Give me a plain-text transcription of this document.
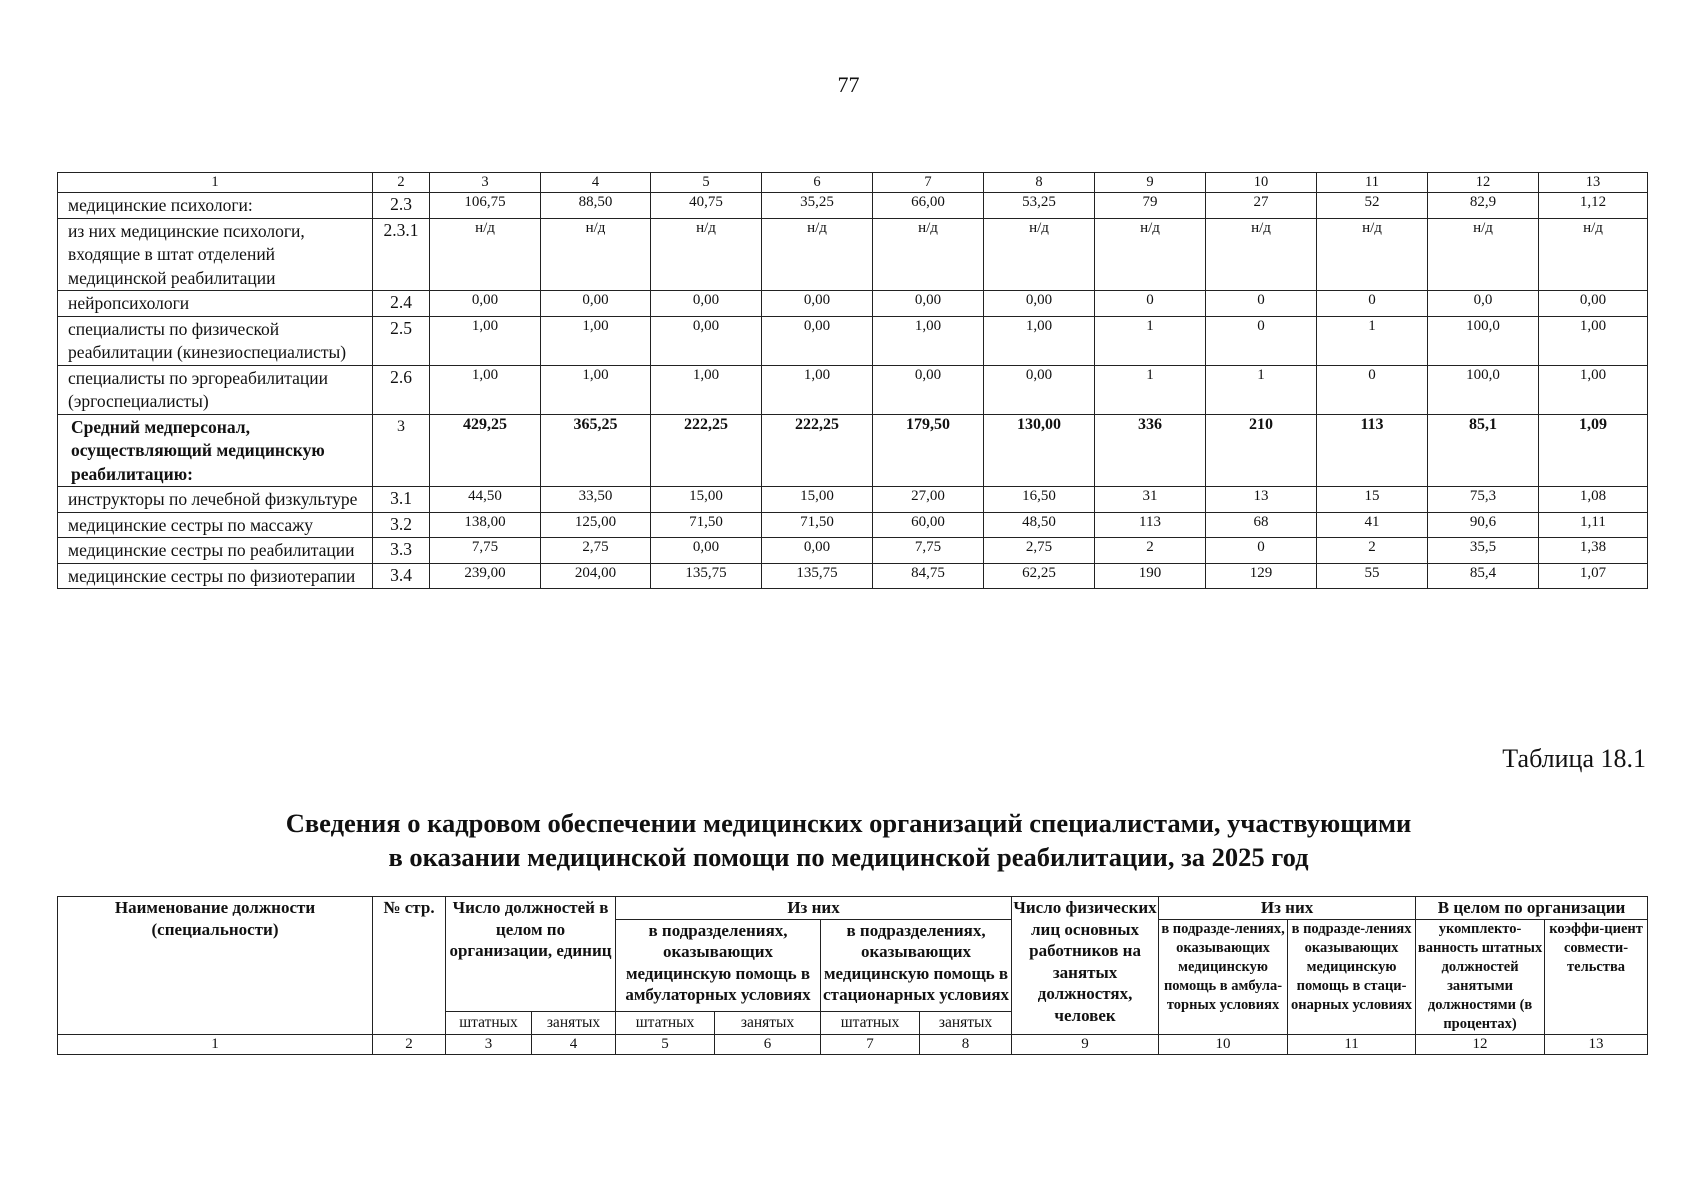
77
1	2	3	4	5	6	7	8	9	10	11	12	13
медицинские психологи:	2.3	106,75	88,50	40,75	35,25	66,00	53,25	79	27	52	82,9	1,12
из них медицинские психологи, входящие в штат отделений медицинской реабилитации	2.3.1	н/д	н/д	н/д	н/д	н/д	н/д	н/д	н/д	н/д	н/д	н/д
нейропсихологи	2.4	0,00	0,00	0,00	0,00	0,00	0,00	0	0	0	0,0	0,00
специалисты по физической реабилитации (кинезиоспециалисты)	2.5	1,00	1,00	0,00	0,00	1,00	1,00	1	0	1	100,0	1,00
специалисты по эргореабилитации (эргоспециалисты)	2.6	1,00	1,00	1,00	1,00	0,00	0,00	1	1	0	100,0	1,00
Средний медперсонал, осуществляющий медицинскую реабилитацию:	3	429,25	365,25	222,25	222,25	179,50	130,00	336	210	113	85,1	1,09
инструкторы по лечебной физкультуре	3.1	44,50	33,50	15,00	15,00	27,00	16,50	31	13	15	75,3	1,08
медицинские сестры по массажу	3.2	138,00	125,00	71,50	71,50	60,00	48,50	113	68	41	90,6	1,11
медицинские сестры по реабилитации	3.3	7,75	2,75	0,00	0,00	7,75	2,75	2	0	2	35,5	1,38
медицинские сестры по физиотерапии	3.4	239,00	204,00	135,75	135,75	84,75	62,25	190	129	55	85,4	1,07
Таблица 18.1
Сведения о кадровом обеспечении медицинских организаций специалистами, участвующими
в оказании медицинской помощи по медицинской реабилитации, за 2025 год
Наименование должности (специальности)	№ стр.	Число должностей в целом по организации, единиц		Из них				Число физических лиц основных работников на занятых должностях, человек	Из них		В целом по организации	
				в подразделениях, оказывающих медицинскую помощь в амбулаторных условиях		в подразделениях, оказывающих медицинскую помощь в стационарных условиях			в подразде-лениях, оказывающих медицинскую помощь в амбула-торных условиях	в подразде-лениях оказывающих медицинскую помощь в стаци-онарных условиях	укомплекто-ванность штатных должностей занятыми должностями (в процентах)	коэффи-циент совмести-тельства
		штатных	занятых	штатных	занятых	штатных	занятых					
1	2	3	4	5	6	7	8	9	10	11	12	13
